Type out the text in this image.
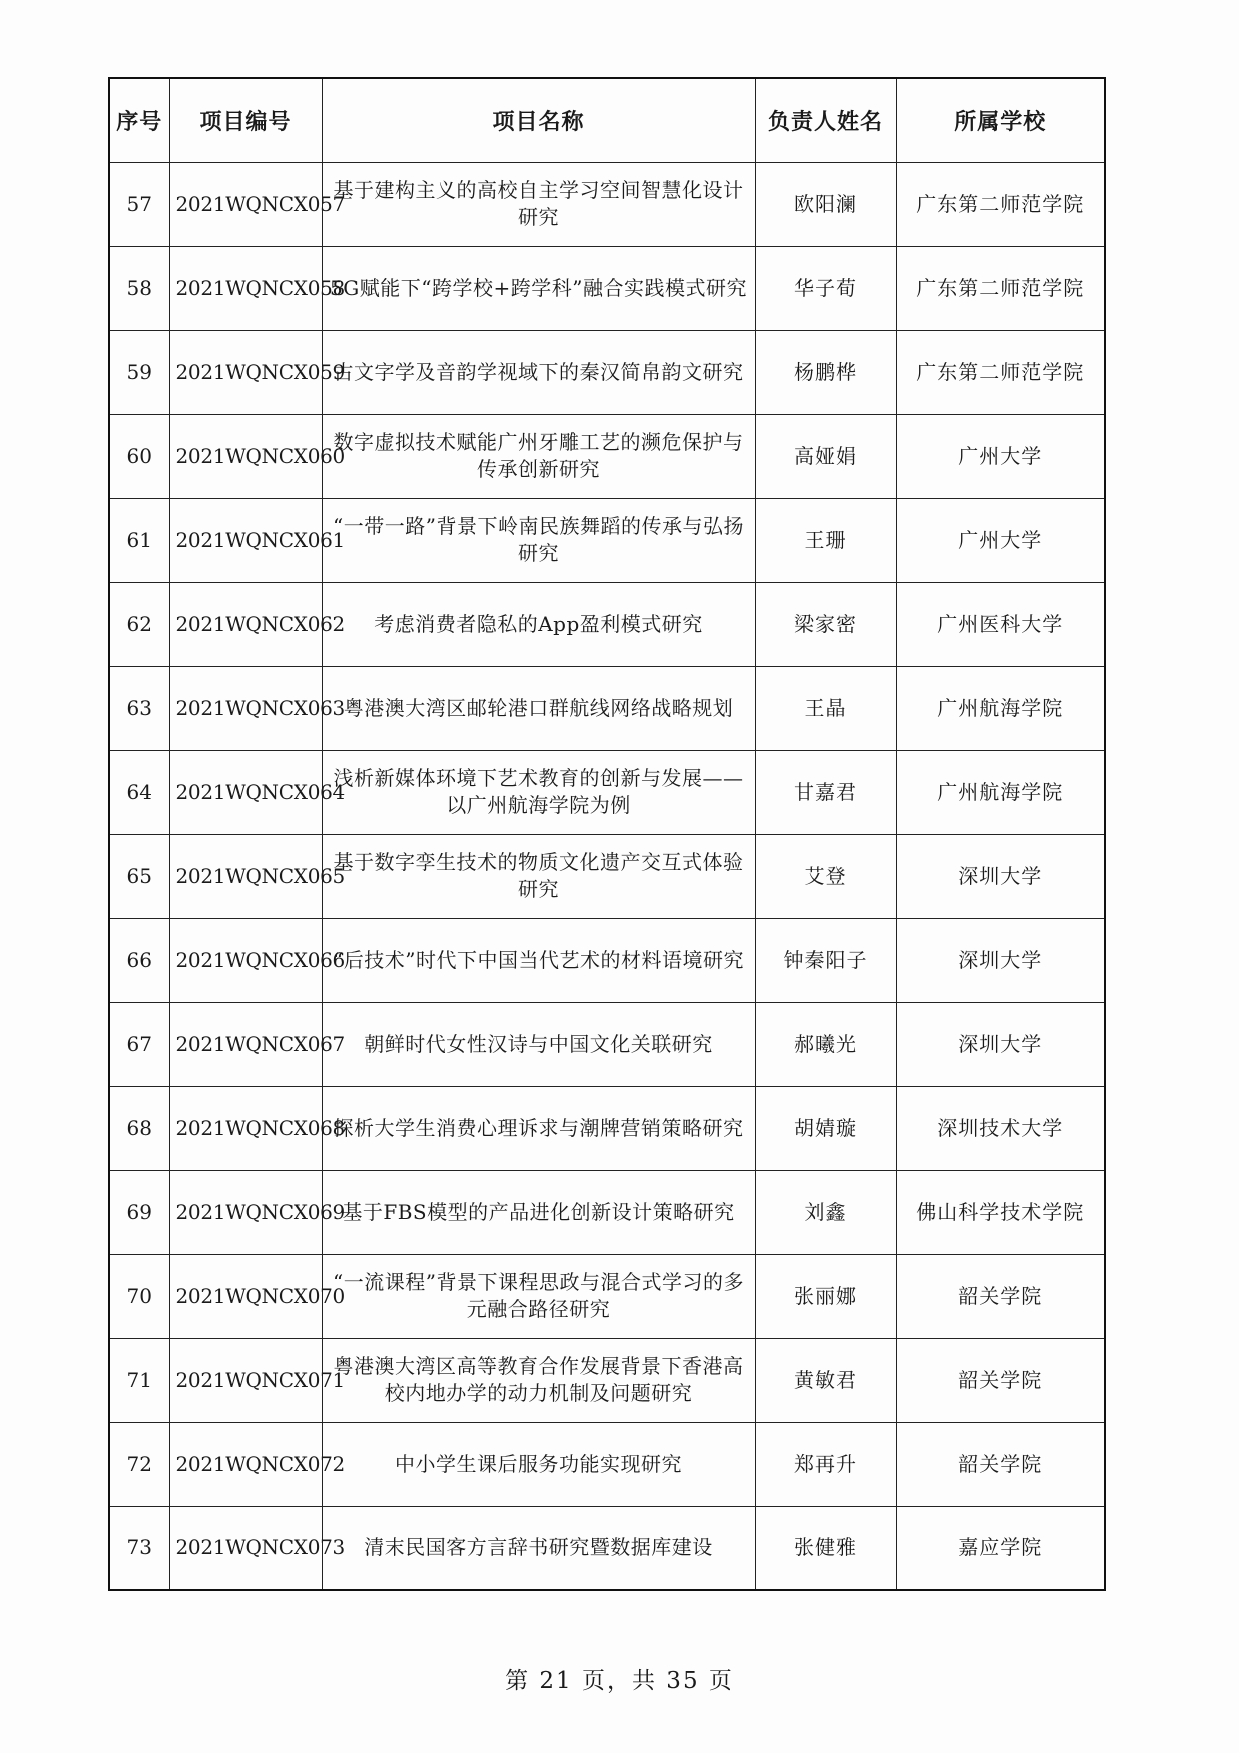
序号	项目编号	项目名称	负责人姓名	所属学校
57	2021WQNCX057	基于建构主义的高校自主学习空间智慧化设计研究	欧阳澜	广东第二师范学院
58	2021WQNCX058	5G赋能下“跨学校+跨学科”融合实践模式研究	华子荀	广东第二师范学院
59	2021WQNCX059	古文字学及音韵学视域下的秦汉简帛韵文研究	杨鹏桦	广东第二师范学院
60	2021WQNCX060	数字虚拟技术赋能广州牙雕工艺的濒危保护与传承创新研究	高娅娟	广州大学
61	2021WQNCX061	“一带一路”背景下岭南民族舞蹈的传承与弘扬研究	王珊	广州大学
62	2021WQNCX062	考虑消费者隐私的App盈利模式研究	梁家密	广州医科大学
63	2021WQNCX063	粤港澳大湾区邮轮港口群航线网络战略规划	王晶	广州航海学院
64	2021WQNCX064	浅析新媒体环境下艺术教育的创新与发展——以广州航海学院为例	甘嘉君	广州航海学院
65	2021WQNCX065	基于数字孪生技术的物质文化遗产交互式体验研究	艾登	深圳大学
66	2021WQNCX066	“后技术”时代下中国当代艺术的材料语境研究	钟秦阳子	深圳大学
67	2021WQNCX067	朝鲜时代女性汉诗与中国文化关联研究	郝曦光	深圳大学
68	2021WQNCX068	探析大学生消费心理诉求与潮牌营销策略研究	胡婧璇	深圳技术大学
69	2021WQNCX069	基于FBS模型的产品进化创新设计策略研究	刘鑫	佛山科学技术学院
70	2021WQNCX070	“一流课程”背景下课程思政与混合式学习的多元融合路径研究	张丽娜	韶关学院
71	2021WQNCX071	粤港澳大湾区高等教育合作发展背景下香港高校内地办学的动力机制及问题研究	黄敏君	韶关学院
72	2021WQNCX072	中小学生课后服务功能实现研究	郑再升	韶关学院
73	2021WQNCX073	清末民国客方言辞书研究暨数据库建设	张健雅	嘉应学院
第 21 页，共 35 页
